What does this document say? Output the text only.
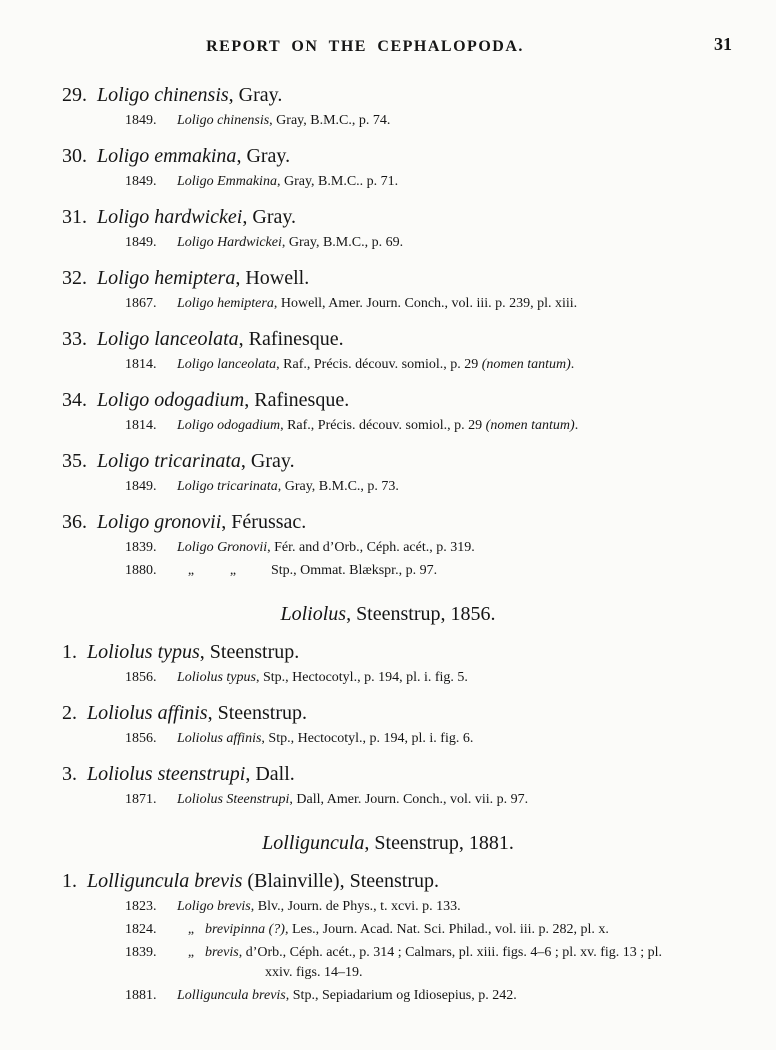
REPORT ON THE CEPHALOPODA.	31

29. Loligo chinensis, Gray.

1849. Loligo chinensis, Gray, B.M.C., p. 74.

30. Loligo emmakina, Gray.

1849. Loligo Emmakina, Gray, B.M.C.. p. 71.

31. Loligo hardwickei, Gray.

1849. Loligo Hardwickei, Gray, B.M.C., p. 69.

32. Loligo hemiptera, Howell.

1867. Loligo hemiptera, Howell, Amer. Journ. Conch., vol. iii. p. 239, pl. xiii.

33. Loligo lanceolata, Rafinesque.

1814. Loligo lanceolata, Raf., Précis. découv. somiol., p. 29 (nomen tantum).

34. Loligo odogadium, Rafinesque.

1814. Loligo odogadium, Raf., Précis. découv. somiol., p. 29 (nomen tantum).

35. Loligo tricarinata, Gray.

1849. Loligo tricarinata, Gray, B.M.C., p. 73.

36. Loligo gronovii, Férussac.

1839. Loligo Gronovii, Fér. and d’Orb., Céph. acét., p. 319.

1880. „	„ Stp., Ommat. Blækspr., p. 97.

Loliolus, Steenstrup, 1856.

1. Loliolus typus, Steenstrup.

1856. Loliolus typus, Stp., Hectocotyl., p. 194, pl. i. fig. 5.

2. Loliolus affinis, Steenstrup.

1856. Loliolus affinis, Stp., Hectocotyl., p. 194, pl. i. fig. 6.

3. Loliolus steenstrupi, Dall.

1871. Loliolus Steenstrupi, Dall, Amer. Journ. Conch., vol. vii. p. 97.

Lolliguncula, Steenstrup, 1881.

1. Lolliguncula brevis (Blainville), Steenstrup.

1823. Loligo brevis, Blv., Journ. de Phys., t. xcvi. p. 133.

1824. „ brevipinna (?), Les., Journ. Acad. Nat. Sci. Philad., vol. iii. p. 282, pl. x.

1839. „ brevis, d’Orb., Céph. acét., p. 314 ; Calmars, pl. xiii. figs. 4–6 ; pl. xv. fig. 13 ; pl.

xxiv. figs. 14–19.

1881. Lolliguncula brevis, Stp., Sepiadarium og Idiosepius, p. 242.
